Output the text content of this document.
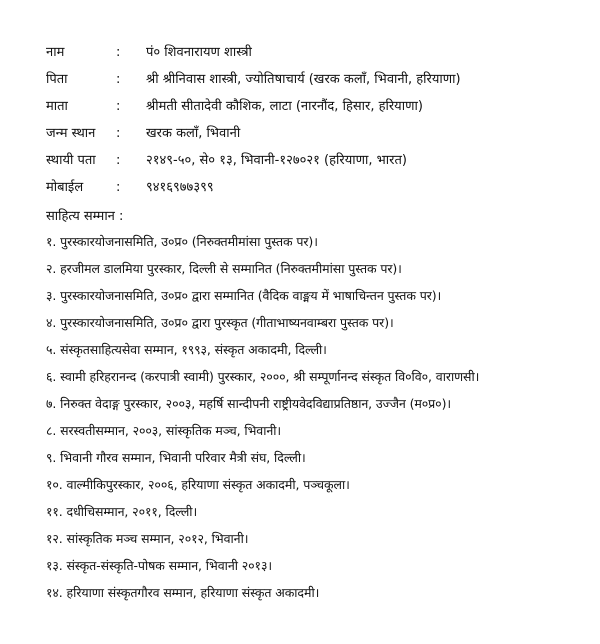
नाम	:	पं० शिवनारायण शास्त्री
पिता	:	श्री श्रीनिवास शास्त्री, ज्योतिषाचार्य (खरक कलाँ, भिवानी, हरियाणा)
माता	:	श्रीमती सीतादेवी कौशिक, लाटा (नारनौंद, हिसार, हरियाणा)
जन्म स्थान	:	खरक कलाँ, भिवानी
स्थायी पता	:	२१४९-५०, से० १३, भिवानी-१२७०२१ (हरियाणा, भारत)
मोबाईल	:	९४१६९७७३९९
साहित्य सम्मान :
१. पुरस्कारयोजनासमिति, उ०प्र० (निरुक्तमीमांसा पुस्तक पर)।
२. हरजीमल डालमिया पुरस्कार, दिल्ली से सम्मानित (निरुक्तमीमांसा पुस्तक पर)।
३. पुरस्कारयोजनासमिति, उ०प्र० द्वारा सम्मानित (वैदिक वाङ्मय में भाषाचिन्तन पुस्तक पर)।
४. पुरस्कारयोजनासमिति, उ०प्र० द्वारा पुरस्कृत (गीताभाष्यनवाम्बरा पुस्तक पर)।
५. संस्कृतसाहित्यसेवा सम्मान, १९९३, संस्कृत अकादमी, दिल्ली।
६. स्वामी हरिहरानन्द (करपात्री स्वामी) पुरस्कार, २०००, श्री सम्पूर्णानन्द संस्कृत वि०वि०, वाराणसी।
७. निरुक्त वेदाङ्ग पुरस्कार, २००३, महर्षि सान्दीपनी राष्ट्रीयवेदविद्याप्रतिष्ठान, उज्जैन (म०प्र०)।
८. सरस्वतीसम्मान, २००३, सांस्कृतिक मञ्च, भिवानी।
९. भिवानी गौरव सम्मान, भिवानी परिवार मैत्री संघ, दिल्ली।
१०. वाल्मीकिपुरस्कार, २००६, हरियाणा संस्कृत अकादमी, पञ्चकूला।
११. दधीचिसम्मान, २०११, दिल्ली।
१२. सांस्कृतिक मञ्च सम्मान, २०१२, भिवानी।
१३. संस्कृत-संस्कृति-पोषक सम्मान, भिवानी २०१३।
१४. हरियाणा संस्कृतगौरव सम्मान, हरियाणा संस्कृत अकादमी।
